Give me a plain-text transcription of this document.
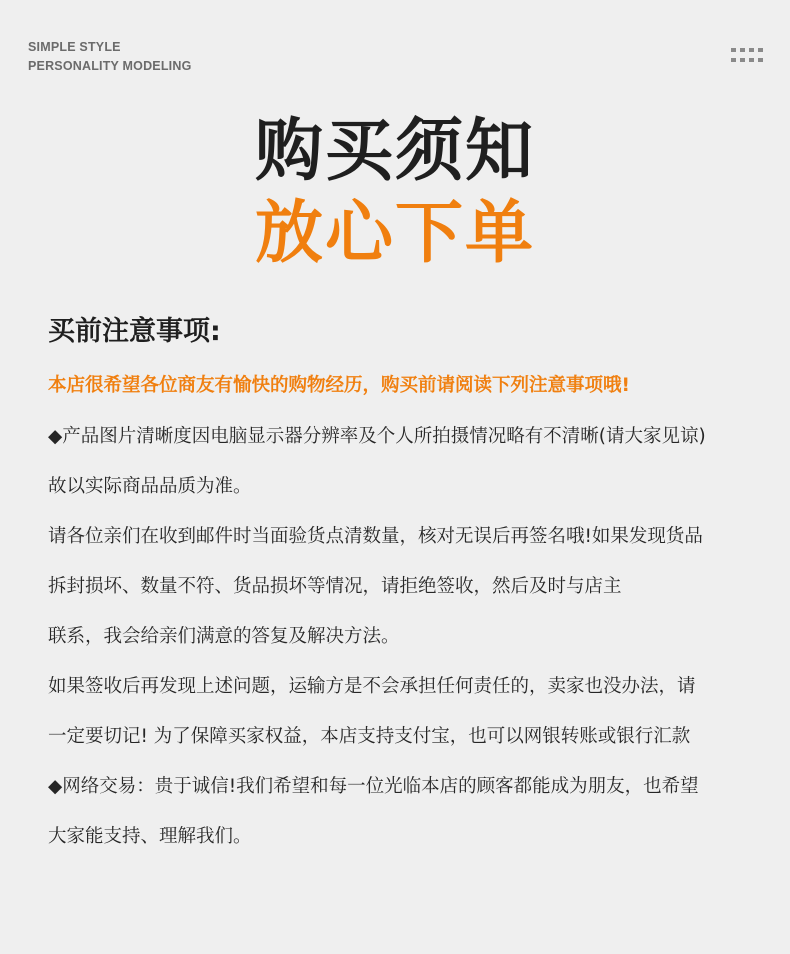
SIMPLE STYLE
PERSONALITY MODELING
购买须知
放心下单
买前注意事项:
本店很希望各位商友有愉快的购物经历，购买前请阅读下列注意事项哦!
◆产品图片清晰度因电脑显示器分辨率及个人所拍摄情况略有不清晰(请大家见谅)
故以实际商品品质为准。
请各位亲们在收到邮件时当面验货点清数量，核对无误后再签名哦!如果发现货品
拆封损坏、数量不符、货品损坏等情况，请拒绝签收，然后及时与店主
联系，我会给亲们满意的答复及解决方法。
如果签收后再发现上述问题，运输方是不会承担任何责任的，卖家也没办法，请
一定要切记! 为了保障买家权益，本店支持支付宝，也可以网银转账或银行汇款
◆网络交易：贵于诚信!我们希望和每一位光临本店的顾客都能成为朋友，也希望
大家能支持、理解我们。
